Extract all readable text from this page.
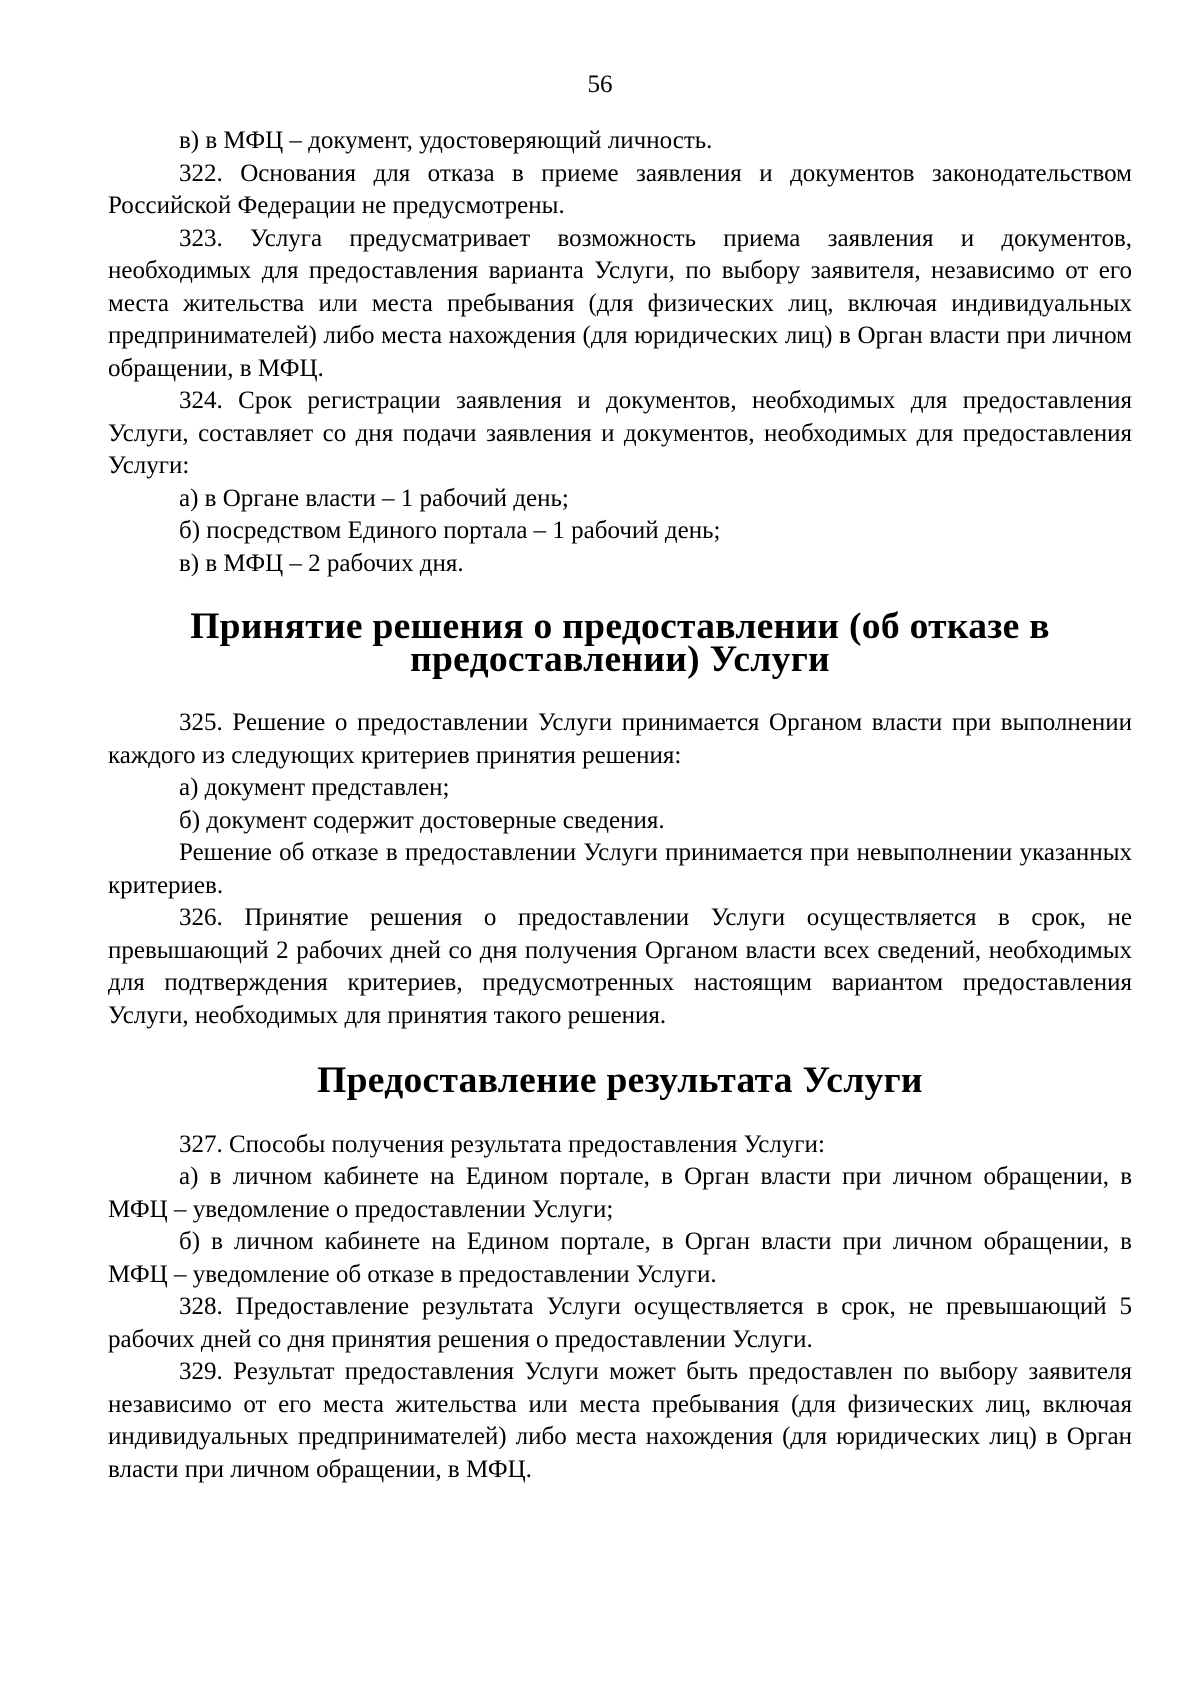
56

в) в МФЦ – документ, удостоверяющий личность.

322. Основания для отказа в приеме заявления и документов законодательством Российской Федерации не предусмотрены.

323. Услуга предусматривает возможность приема заявления и документов, необходимых для предоставления варианта Услуги, по выбору заявителя, независимо от его места жительства или места пребывания (для физических лиц, включая индивидуальных предпринимателей) либо места нахождения (для юридических лиц) в Орган власти при личном обращении, в МФЦ.

324. Срок регистрации заявления и документов, необходимых для предоставления Услуги, составляет со дня подачи заявления и документов, необходимых для предоставления Услуги:

а) в Органе власти – 1 рабочий день;

б) посредством Единого портала – 1 рабочий день;

в) в МФЦ – 2 рабочих дня.

Принятие решения о предоставлении (об отказе в предоставлении) Услуги

325. Решение о предоставлении Услуги принимается Органом власти при выполнении каждого из следующих критериев принятия решения:

а) документ представлен;

б) документ содержит достоверные сведения.

Решение об отказе в предоставлении Услуги принимается при невыполнении указанных критериев.

326. Принятие решения о предоставлении Услуги осуществляется в срок, не превышающий 2 рабочих дней со дня получения Органом власти всех сведений, необходимых для подтверждения критериев, предусмотренных настоящим вариантом предоставления Услуги, необходимых для принятия такого решения.

Предоставление результата Услуги

327. Способы получения результата предоставления Услуги:

а) в личном кабинете на Едином портале, в Орган власти при личном обращении, в МФЦ – уведомление о предоставлении Услуги;

б) в личном кабинете на Едином портале, в Орган власти при личном обращении, в МФЦ – уведомление об отказе в предоставлении Услуги.

328. Предоставление результата Услуги осуществляется в срок, не превышающий 5 рабочих дней со дня принятия решения о предоставлении Услуги.

329. Результат предоставления Услуги может быть предоставлен по выбору заявителя независимо от его места жительства или места пребывания (для физических лиц, включая индивидуальных предпринимателей) либо места нахождения (для юридических лиц) в Орган власти при личном обращении, в МФЦ.
